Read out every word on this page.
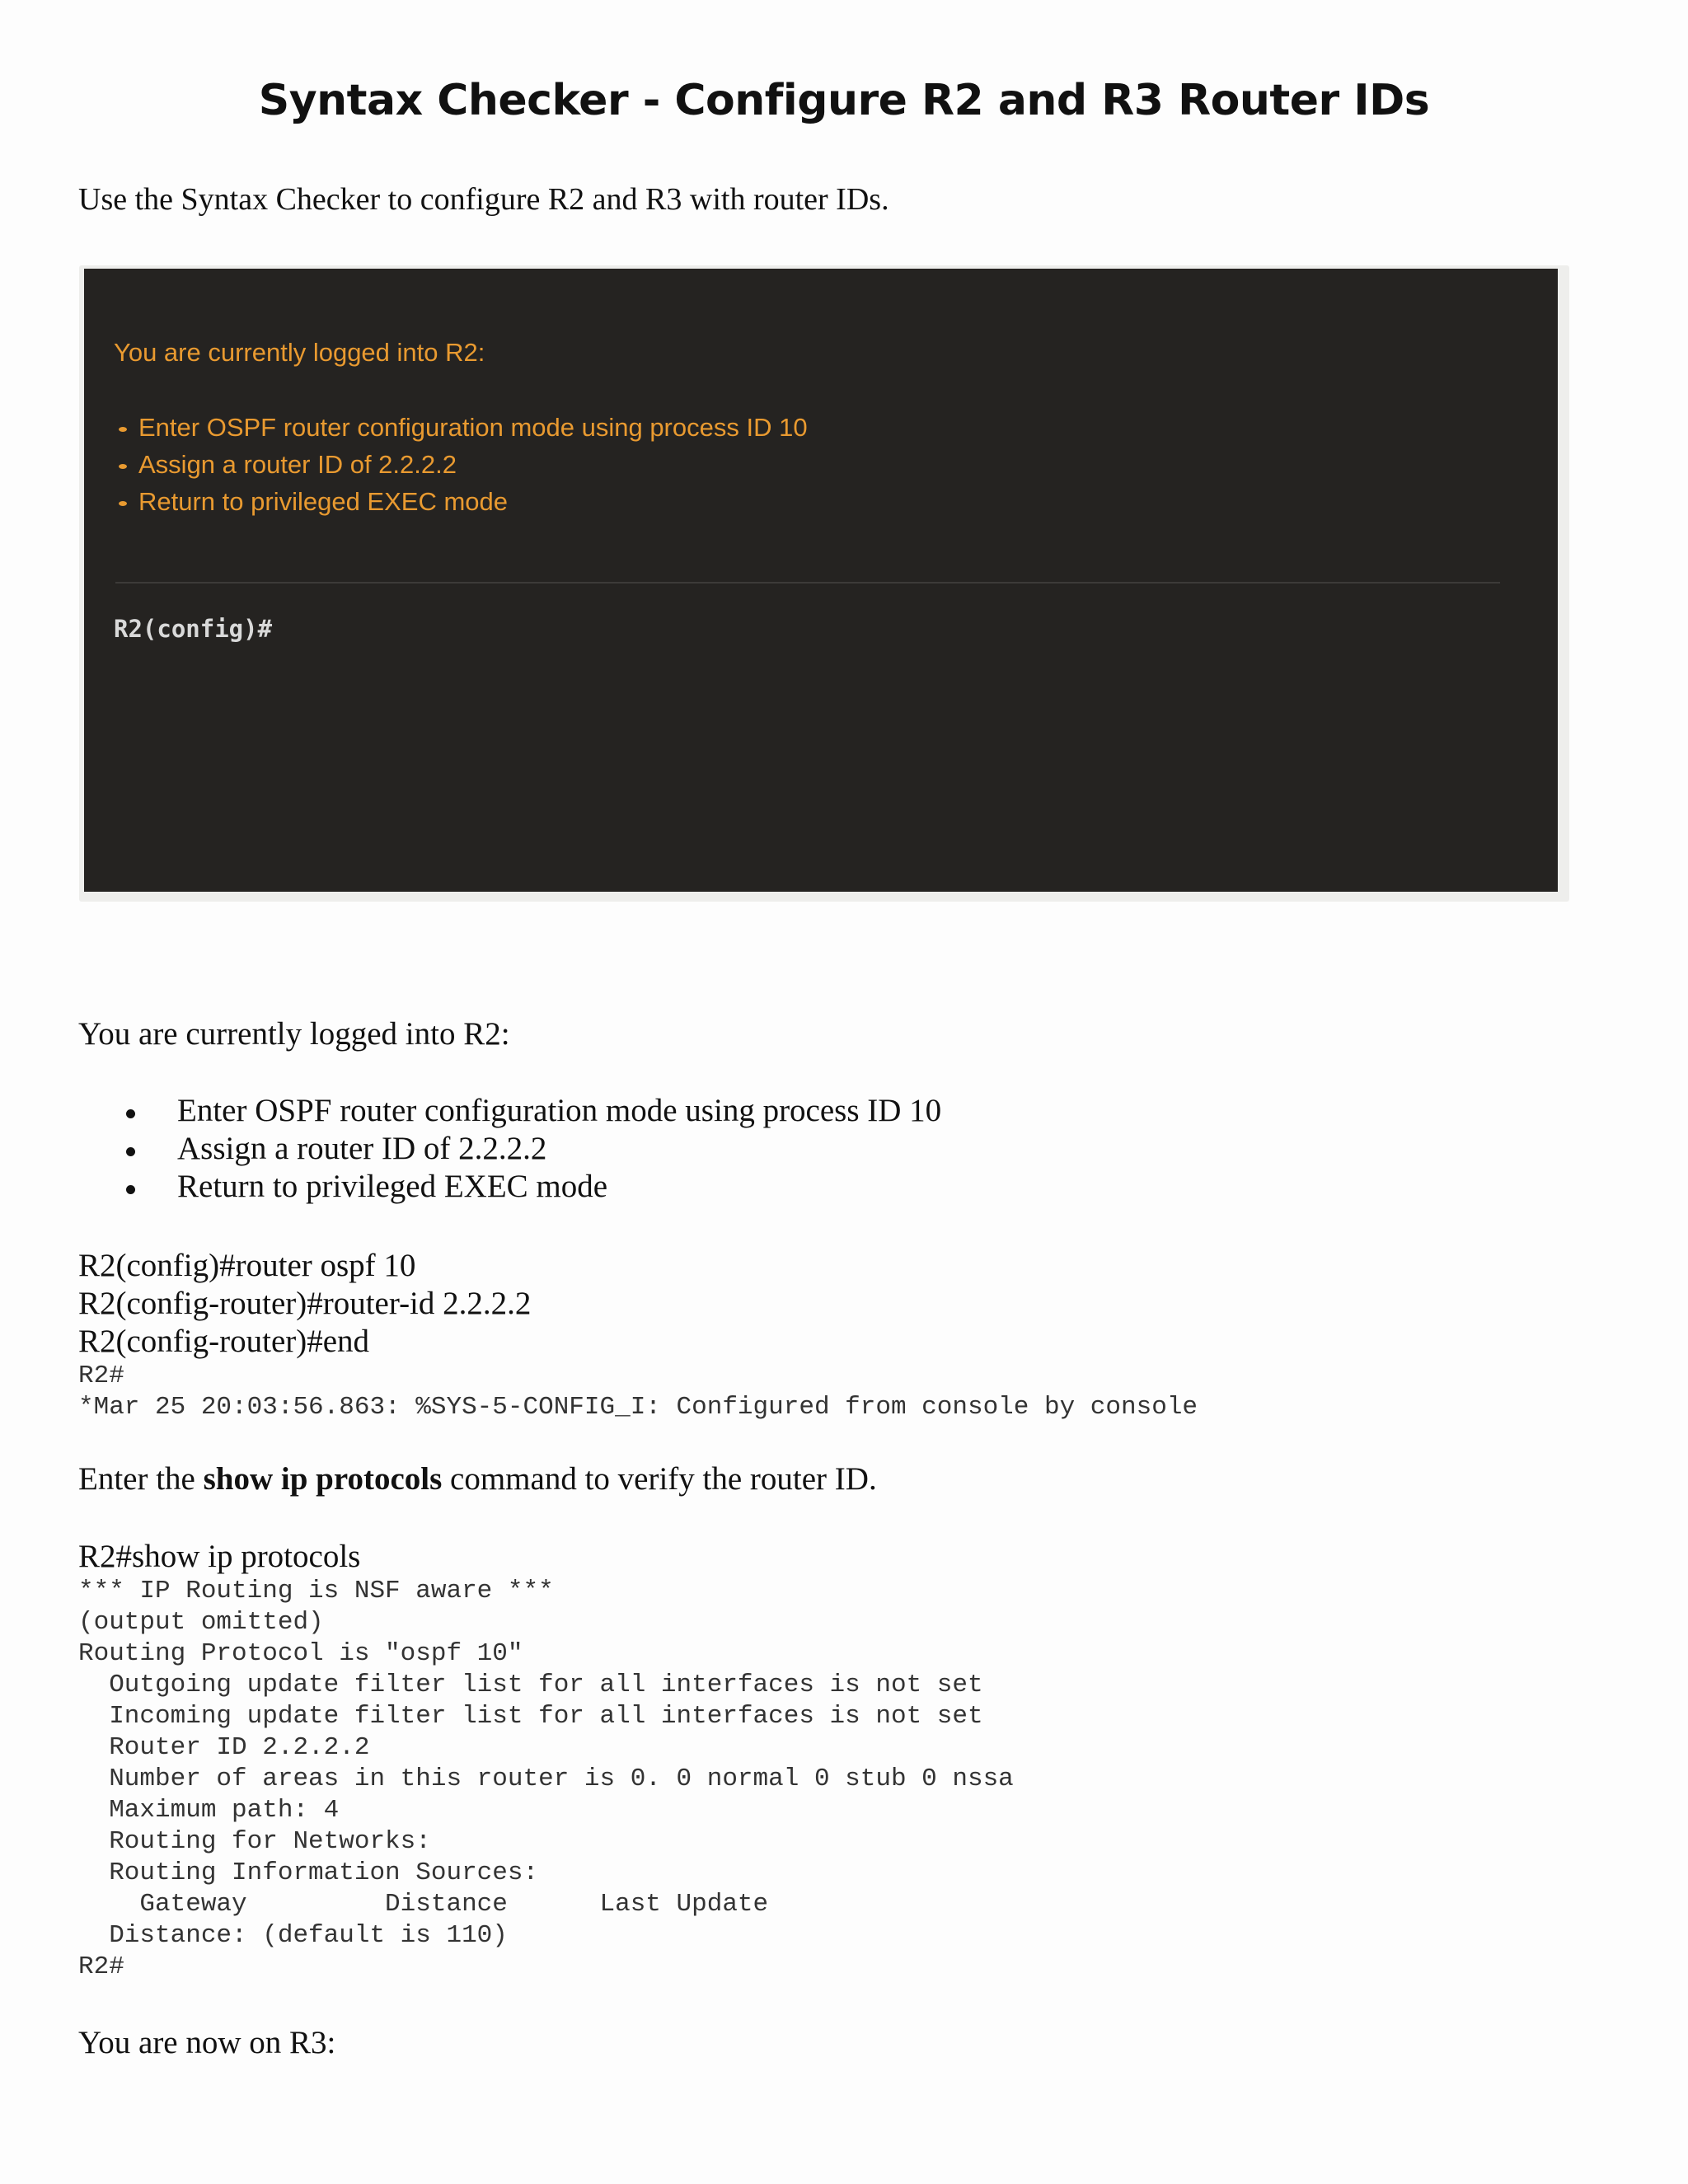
Syntax Checker - Configure R2 and R3 Router IDs
Use the Syntax Checker to configure R2 and R3 with router IDs.
You are currently logged into R2:
Enter OSPF router configuration mode using process ID 10
Assign a router ID of 2.2.2.2
Return to privileged EXEC mode
R2(config)#
You are currently logged into R2:
Enter OSPF router configuration mode using process ID 10
Assign a router ID of 2.2.2.2
Return to privileged EXEC mode
R2(config)#router ospf 10
R2(config-router)#router-id 2.2.2.2
R2(config-router)#end
R2#
*Mar 25 20:03:56.863: %SYS-5-CONFIG_I: Configured from console by console
Enter the show ip protocols command to verify the router ID.
R2#show ip protocols
*** IP Routing is NSF aware ***
(output omitted)
Routing Protocol is "ospf 10"
Outgoing update filter list for all interfaces is not set
Incoming update filter list for all interfaces is not set
Router ID 2.2.2.2
Number of areas in this router is 0. 0 normal 0 stub 0 nssa
Maximum path: 4
Routing for Networks:
Routing Information Sources:
Gateway         Distance      Last Update
Distance: (default is 110)
R2#
You are now on R3:
